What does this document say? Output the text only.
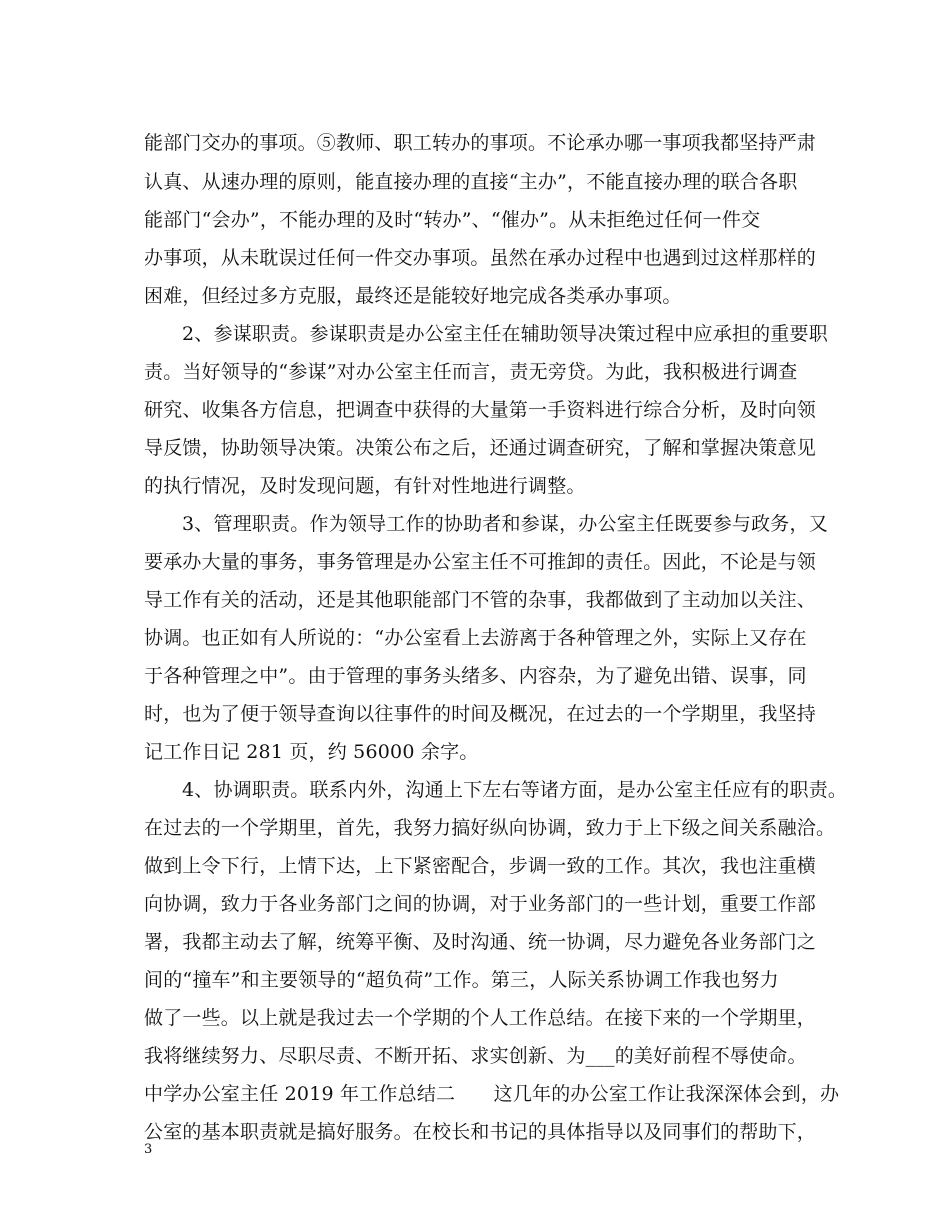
能部门交办的事项。⑤教师、职工转办的事项。不论承办哪一事项我都坚持严肃
认真、从速办理的原则，能直接办理的直接“主办”，不能直接办理的联合各职
能部门“会办”，不能办理的及时“转办”、“催办”。从未拒绝过任何一件交
办事项，从未耽误过任何一件交办事项。虽然在承办过程中也遇到过这样那样的
困难，但经过多方克服，最终还是能较好地完成各类承办事项。
2、参谋职责。参谋职责是办公室主任在辅助领导决策过程中应承担的重要职
责。当好领导的“参谋”对办公室主任而言，责无旁贷。为此，我积极进行调查
研究、收集各方信息，把调查中获得的大量第一手资料进行综合分析，及时向领
导反馈，协助领导决策。决策公布之后，还通过调查研究，了解和掌握决策意见
的执行情况，及时发现问题，有针对性地进行调整。
3、管理职责。作为领导工作的协助者和参谋，办公室主任既要参与政务，又
要承办大量的事务，事务管理是办公室主任不可推卸的责任。因此，不论是与领
导工作有关的活动，还是其他职能部门不管的杂事，我都做到了主动加以关注、
协调。也正如有人所说的：“办公室看上去游离于各种管理之外，实际上又存在
于各种管理之中”。由于管理的事务头绪多、内容杂，为了避免出错、误事，同
时，也为了便于领导查询以往事件的时间及概况，在过去的一个学期里，我坚持
记工作日记 281 页，约 56000 余字。
4、协调职责。联系内外，沟通上下左右等诸方面，是办公室主任应有的职责。
在过去的一个学期里，首先，我努力搞好纵向协调，致力于上下级之间关系融洽。
做到上令下行，上情下达，上下紧密配合，步调一致的工作。其次，我也注重横
向协调，致力于各业务部门之间的协调，对于业务部门的一些计划，重要工作部
署，我都主动去了解，统筹平衡、及时沟通、统一协调，尽力避免各业务部门之
间的“撞车”和主要领导的“超负荷”工作。第三，人际关系协调工作我也努力
做了一些。以上就是我过去一个学期的个人工作总结。在接下来的一个学期里，
我将继续努力、尽职尽责、不断开拓、求实创新、为___的美好前程不辱使命。
中学办公室主任 2019 年工作总结二　　这几年的办公室工作让我深深体会到，办
公室的基本职责就是搞好服务。在校长和书记的具体指导以及同事们的帮助下，
3
